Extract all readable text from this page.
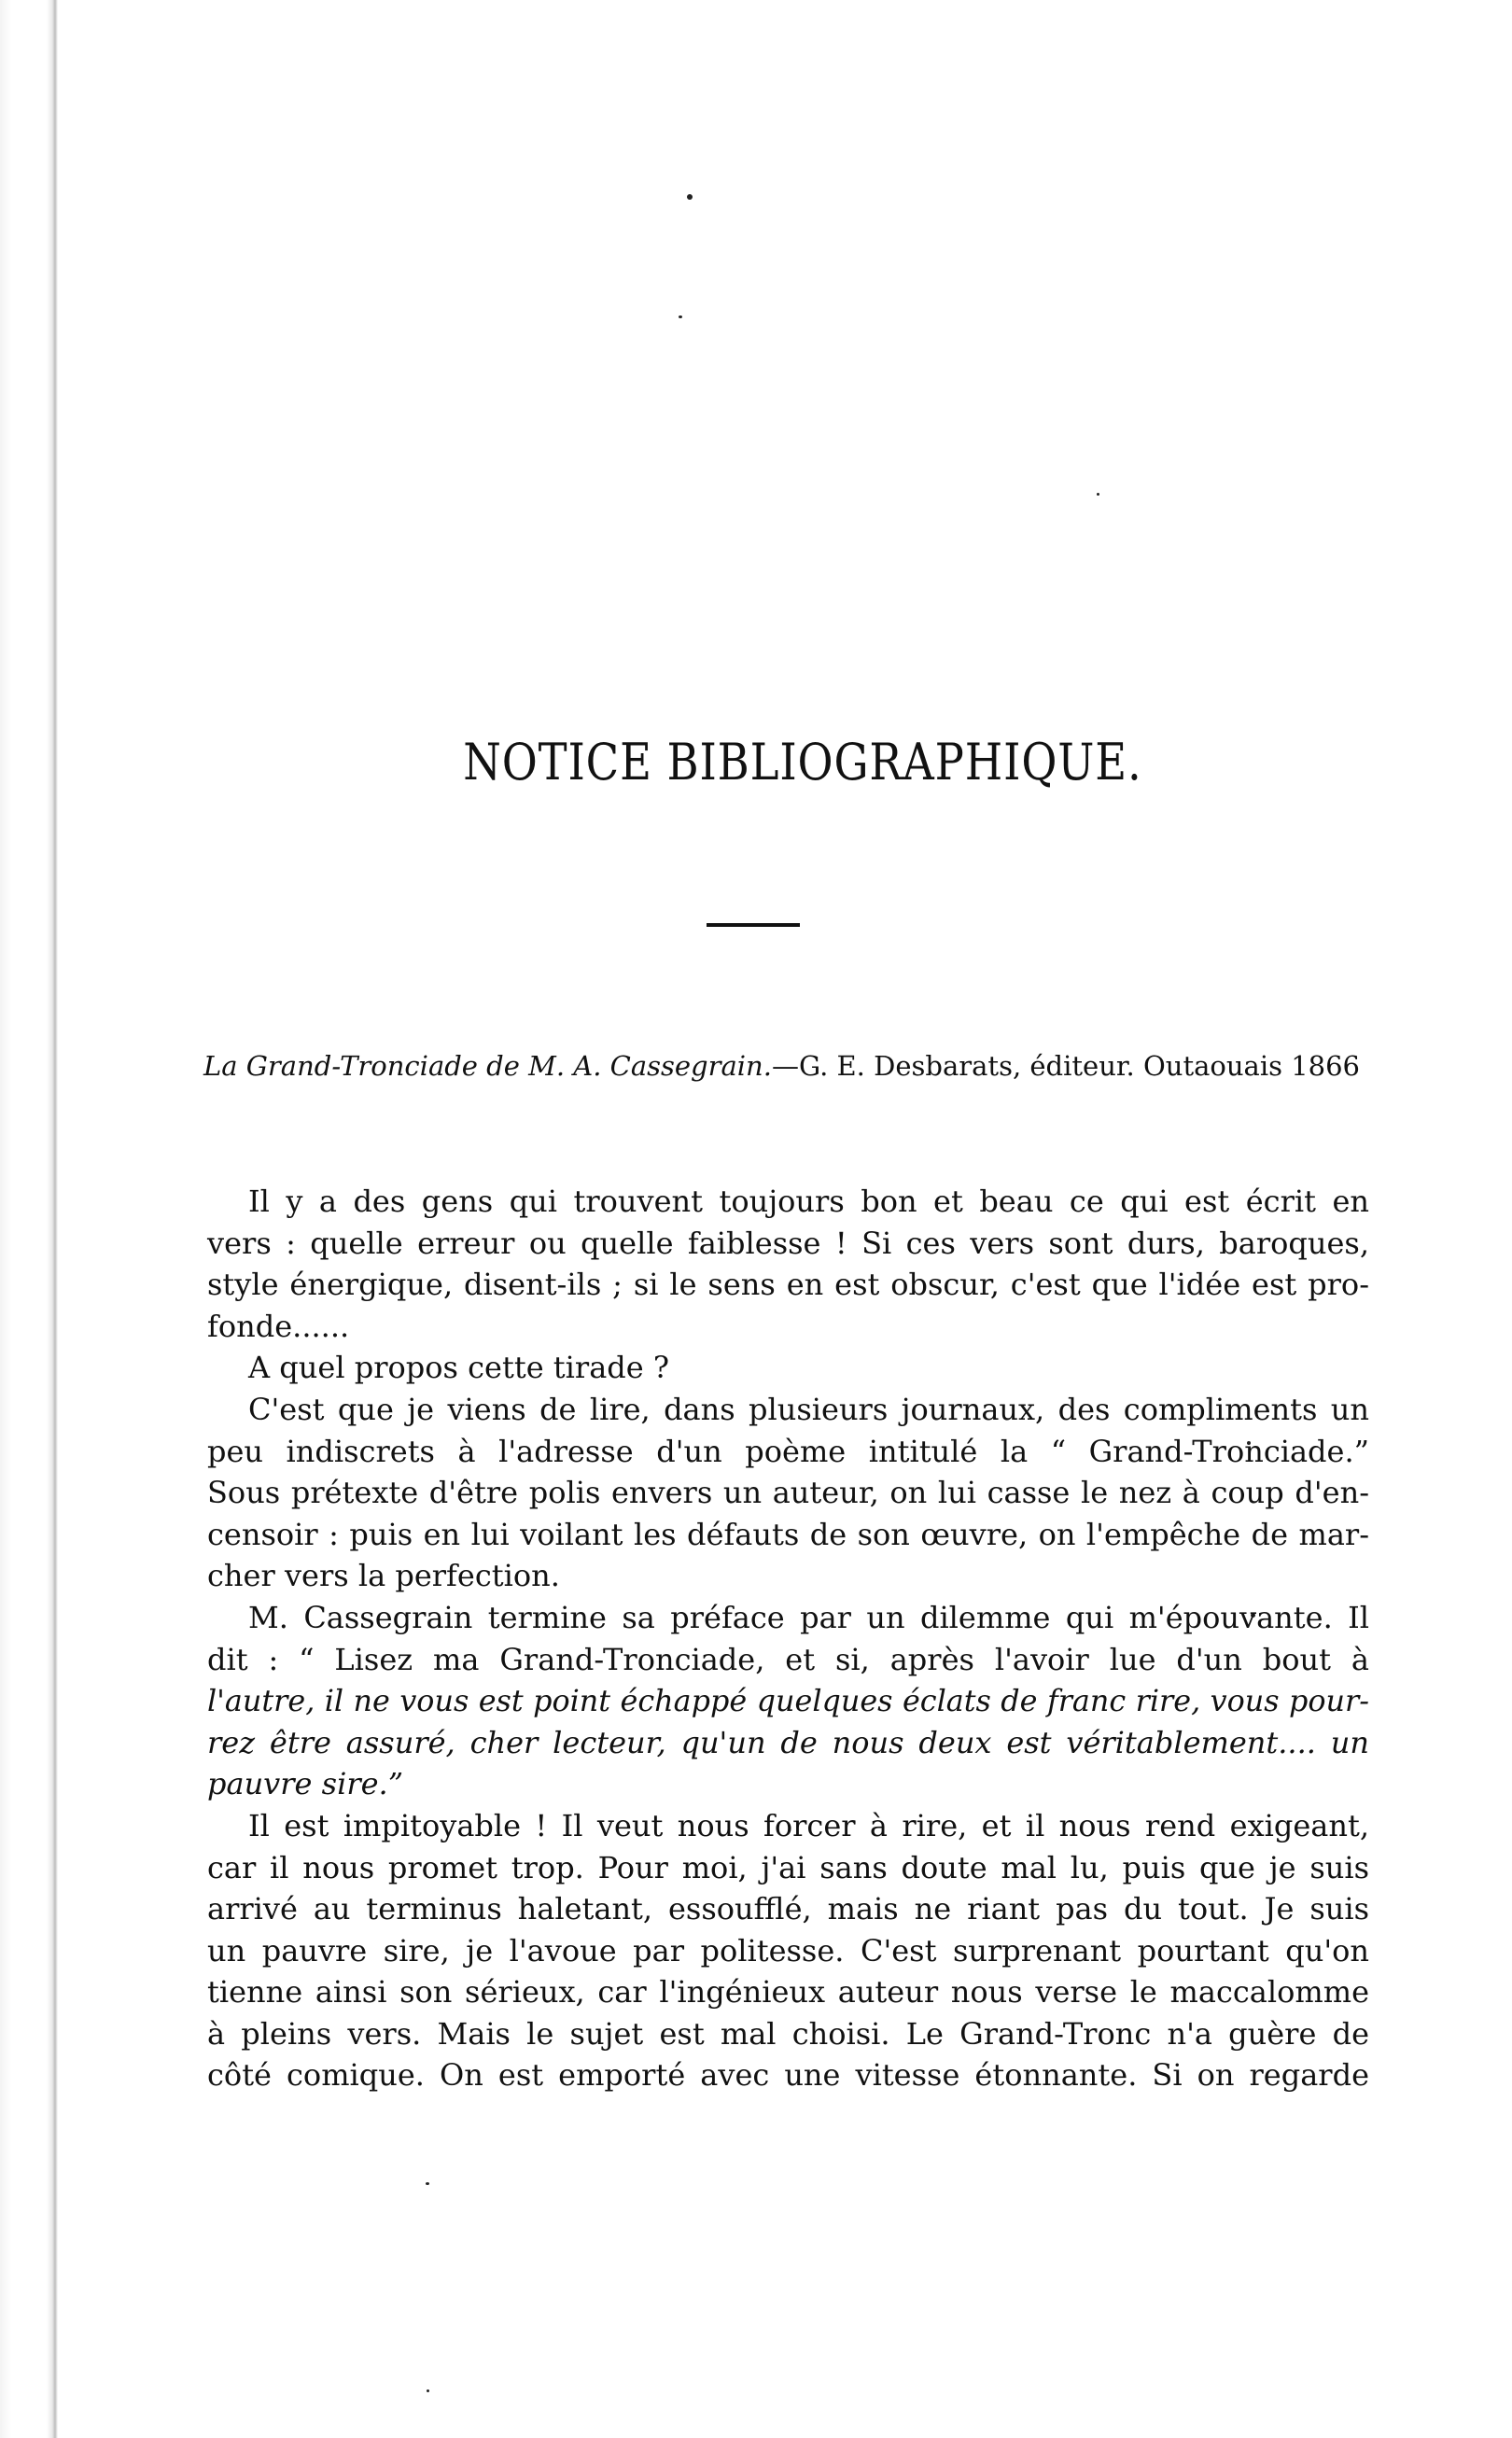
NOTICE BIBLIOGRAPHIQUE.
La Grand-Tronciade de M. A. Cassegrain.—G. E. Desbarats, éditeur. Outaouais 1866

Il y a des gens qui trouvent toujours bon et beau ce qui est écrit en
vers : quelle erreur ou quelle faiblesse ! Si ces vers sont durs, baroques,
style énergique, disent-ils ; si le sens en est obscur, c'est que l'idée est pro-
fonde......

A quel propos cette tirade ?

C'est que je viens de lire, dans plusieurs journaux, des compliments un
peu indiscrets à l'adresse d'un poème intitulé la “ Grand-Tronciade.”
Sous prétexte d'être polis envers un auteur, on lui casse le nez à coup d'en-
censoir : puis en lui voilant les défauts de son œuvre, on l'empêche de mar-
cher vers la perfection.

M. Cassegrain termine sa préface par un dilemme qui m'épouvante. Il
dit : “ Lisez ma Grand-Tronciade, et si, après l'avoir lue d'un bout à
l'autre, il ne vous est point échappé quelques éclats de franc rire, vous pour-
rez être assuré, cher lecteur, qu'un de nous deux est véritablement.... un
pauvre sire.”

Il est impitoyable ! Il veut nous forcer à rire, et il nous rend exigeant,
car il nous promet trop. Pour moi, j'ai sans doute mal lu, puis que je suis
arrivé au terminus haletant, essoufflé, mais ne riant pas du tout. Je suis
un pauvre sire, je l'avoue par politesse. C'est surprenant pourtant qu'on
tienne ainsi son sérieux, car l'ingénieux auteur nous verse le maccalomme
à pleins vers. Mais le sujet est mal choisi. Le Grand-Tronc n'a guère de
côté comique. On est emporté avec une vitesse étonnante. Si on regarde
